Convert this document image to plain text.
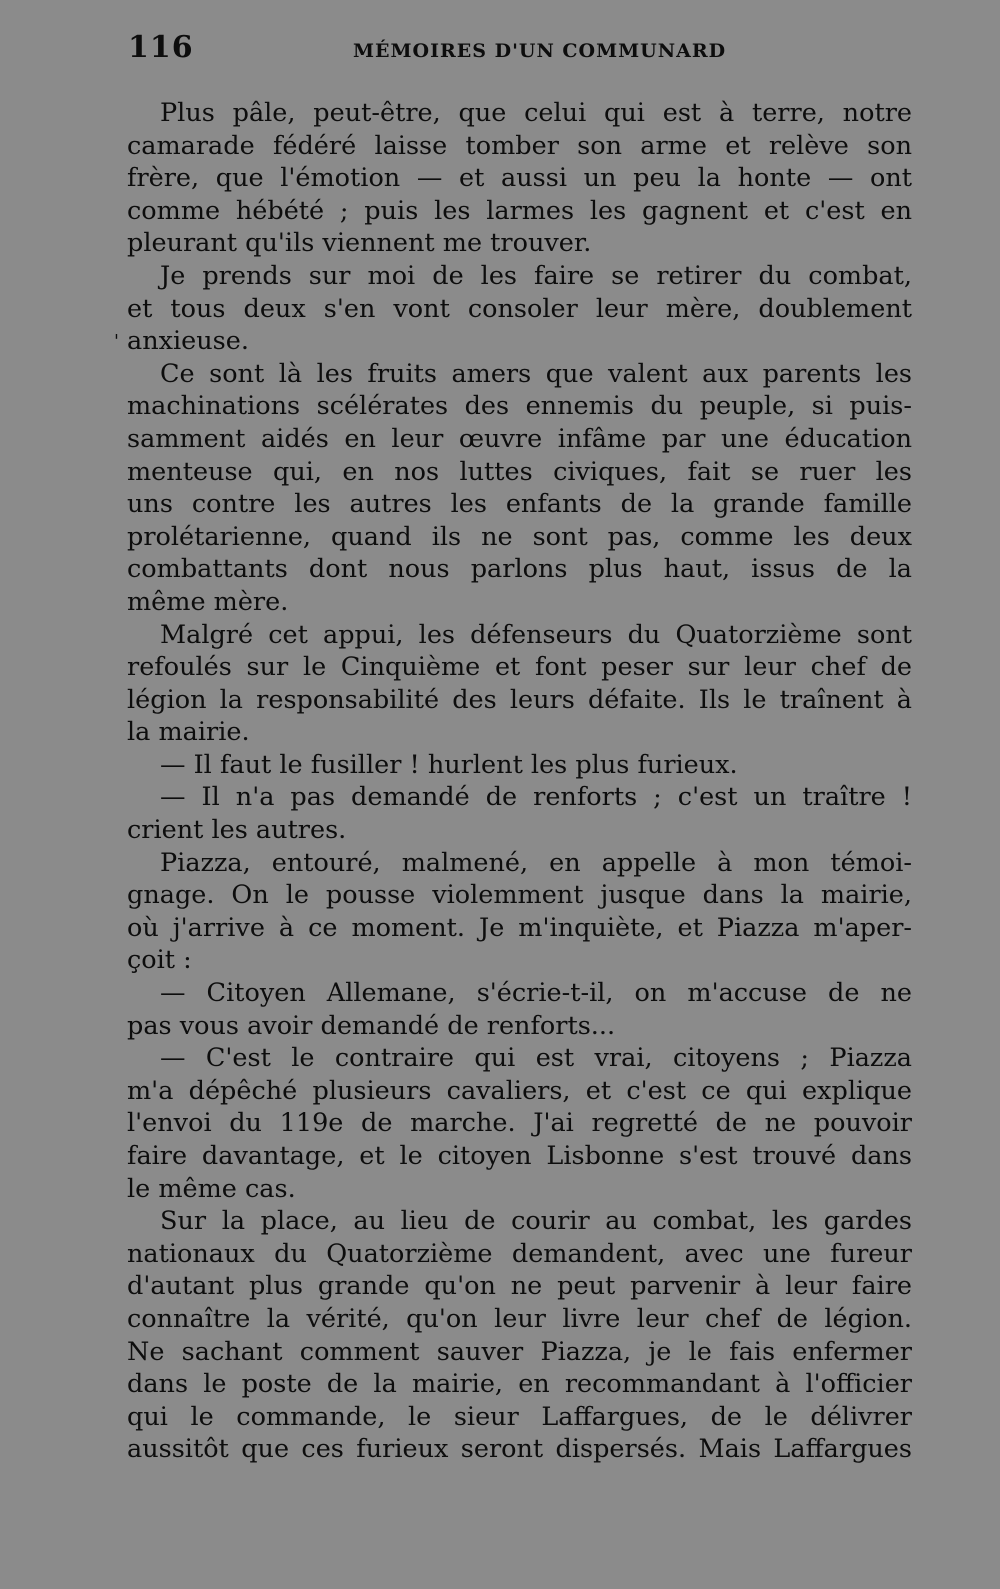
116	MÉMOIRES D'UN COMMUNARD
'
Plus pâle, peut-être, que celui qui est à terre, notre
camarade fédéré laisse tomber son arme et relève son
frère, que l'émotion — et aussi un peu la honte — ont
comme hébété ; puis les larmes les gagnent et c'est en
pleurant qu'ils viennent me trouver.
Je prends sur moi de les faire se retirer du combat,
et tous deux s'en vont consoler leur mère, doublement
anxieuse.
Ce sont là les fruits amers que valent aux parents les
machinations scélérates des ennemis du peuple, si puis-
samment aidés en leur œuvre infâme par une éducation
menteuse qui, en nos luttes civiques, fait se ruer les
uns contre les autres les enfants de la grande famille
prolétarienne, quand ils ne sont pas, comme les deux
combattants dont nous parlons plus haut, issus de la
même mère.
Malgré cet appui, les défenseurs du Quatorzième sont
refoulés sur le Cinquième et font peser sur leur chef de
légion la responsabilité des leurs défaite. Ils le traînent à
la mairie.
— Il faut le fusiller ! hurlent les plus furieux.
— Il n'a pas demandé de renforts ; c'est un traître !
crient les autres.
Piazza, entouré, malmené, en appelle à mon témoi-
gnage. On le pousse violemment jusque dans la mairie,
où j'arrive à ce moment. Je m'inquiète, et Piazza m'aper-
çoit :
— Citoyen Allemane, s'écrie-t-il, on m'accuse de ne
pas vous avoir demandé de renforts...
— C'est le contraire qui est vrai, citoyens ; Piazza
m'a dépêché plusieurs cavaliers, et c'est ce qui explique
l'envoi du 119e de marche. J'ai regretté de ne pouvoir
faire davantage, et le citoyen Lisbonne s'est trouvé dans
le même cas.
Sur la place, au lieu de courir au combat, les gardes
nationaux du Quatorzième demandent, avec une fureur
d'autant plus grande qu'on ne peut parvenir à leur faire
connaître la vérité, qu'on leur livre leur chef de légion.
Ne sachant comment sauver Piazza, je le fais enfermer
dans le poste de la mairie, en recommandant à l'officier
qui le commande, le sieur Laffargues, de le délivrer
aussitôt que ces furieux seront dispersés. Mais Laffargues
